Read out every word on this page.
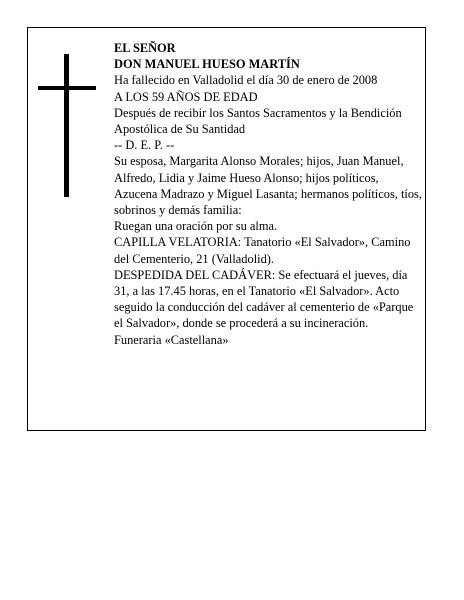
EL SEÑOR

DON MANUEL HUESO MARTÍN

Ha fallecido en Valladolid el día 30 de enero de 2008

A LOS 59 AÑOS DE EDAD

Después de recibir los Santos Sacramentos y la Bendición Apostólica de Su Santidad

-- D. E. P. --

Su esposa, Margarita Alonso Morales; hijos, Juan Manuel, Alfredo, Lidia y Jaime Hueso Alonso; hijos políticos, Azucena Madrazo y Miguel Lasanta; hermanos políticos, tíos, sobrinos y demás familia:

Ruegan una oración por su alma.

CAPILLA VELATORIA: Tanatorio «El Salvador», Camino del Cementerio, 21 (Valladolid).

DESPEDIDA DEL CADÁVER: Se efectuará el jueves, día 31, a las 17.45 horas, en el Tanatorio «El Salvador». Acto seguido la conducción del cadáver al cementerio de «Parque el Salvador», donde se procederá a su incineración.

Funeraria «Castellana»
